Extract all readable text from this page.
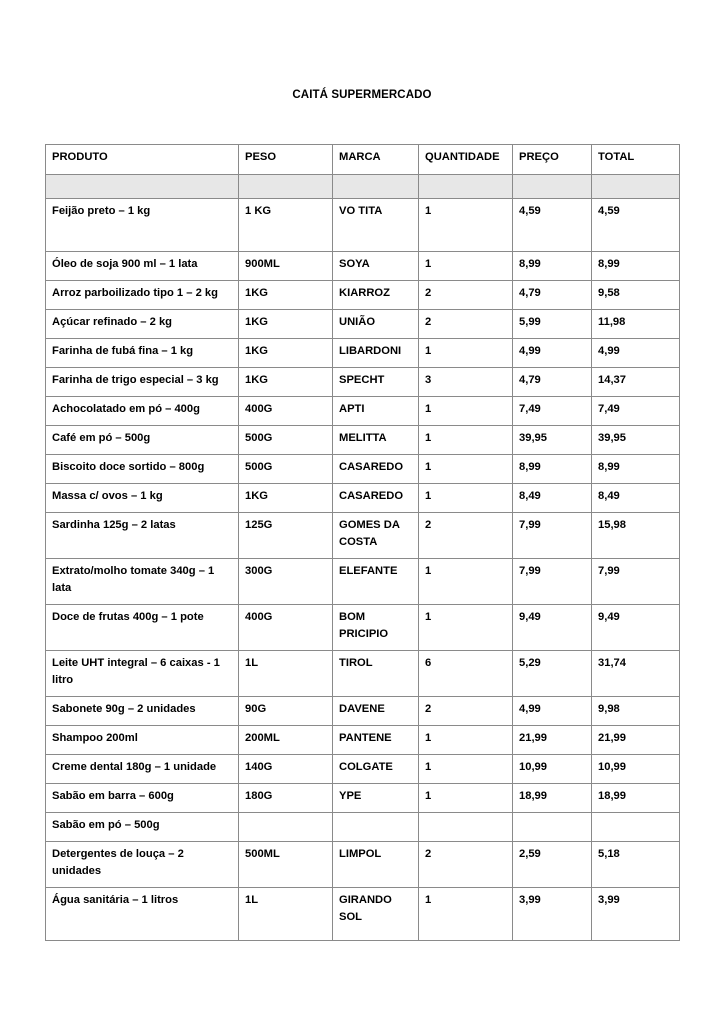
CAITÁ SUPERMERCADO
PRODUTO	PESO	MARCA	QUANTIDADE	PREÇO	TOTAL

Feijão preto – 1 kg	1 KG	VO TITA	1	4,59	4,59
Óleo de soja 900 ml – 1 lata	900ML	SOYA	1	8,99	8,99
Arroz parboilizado tipo 1 – 2 kg	1KG	KIARROZ	2	4,79	9,58
Açúcar refinado – 2 kg	1KG	UNIÃO	2	5,99	11,98
Farinha de fubá fina – 1 kg	1KG	LIBARDONI	1	4,99	4,99
Farinha de trigo especial – 3 kg	1KG	SPECHT	3	4,79	14,37
Achocolatado em pó – 400g	400G	APTI	1	7,49	7,49
Café em pó – 500g	500G	MELITTA	1	39,95	39,95
Biscoito doce sortido – 800g	500G	CASAREDO	1	8,99	8,99
Massa c/ ovos – 1 kg	1KG	CASAREDO	1	8,49	8,49
Sardinha 125g – 2 latas	125G	GOMES DA COSTA	2	7,99	15,98
Extrato/molho tomate 340g – 1 lata	300G	ELEFANTE	1	7,99	7,99
Doce de frutas 400g – 1 pote	400G	BOM PRICIPIO	1	9,49	9,49
Leite UHT integral – 6 caixas - 1 litro	1L	TIROL	6	5,29	31,74
Sabonete 90g – 2 unidades	90G	DAVENE	2	4,99	9,98
Shampoo 200ml	200ML	PANTENE	1	21,99	21,99
Creme dental 180g – 1 unidade	140G	COLGATE	1	10,99	10,99
Sabão em barra – 600g	180G	YPE	1	18,99	18,99
Sabão em pó – 500g					
Detergentes de louça – 2 unidades	500ML	LIMPOL	2	2,59	5,18
Água sanitária – 1 litros	1L	GIRANDO SOL	1	3,99	3,99
